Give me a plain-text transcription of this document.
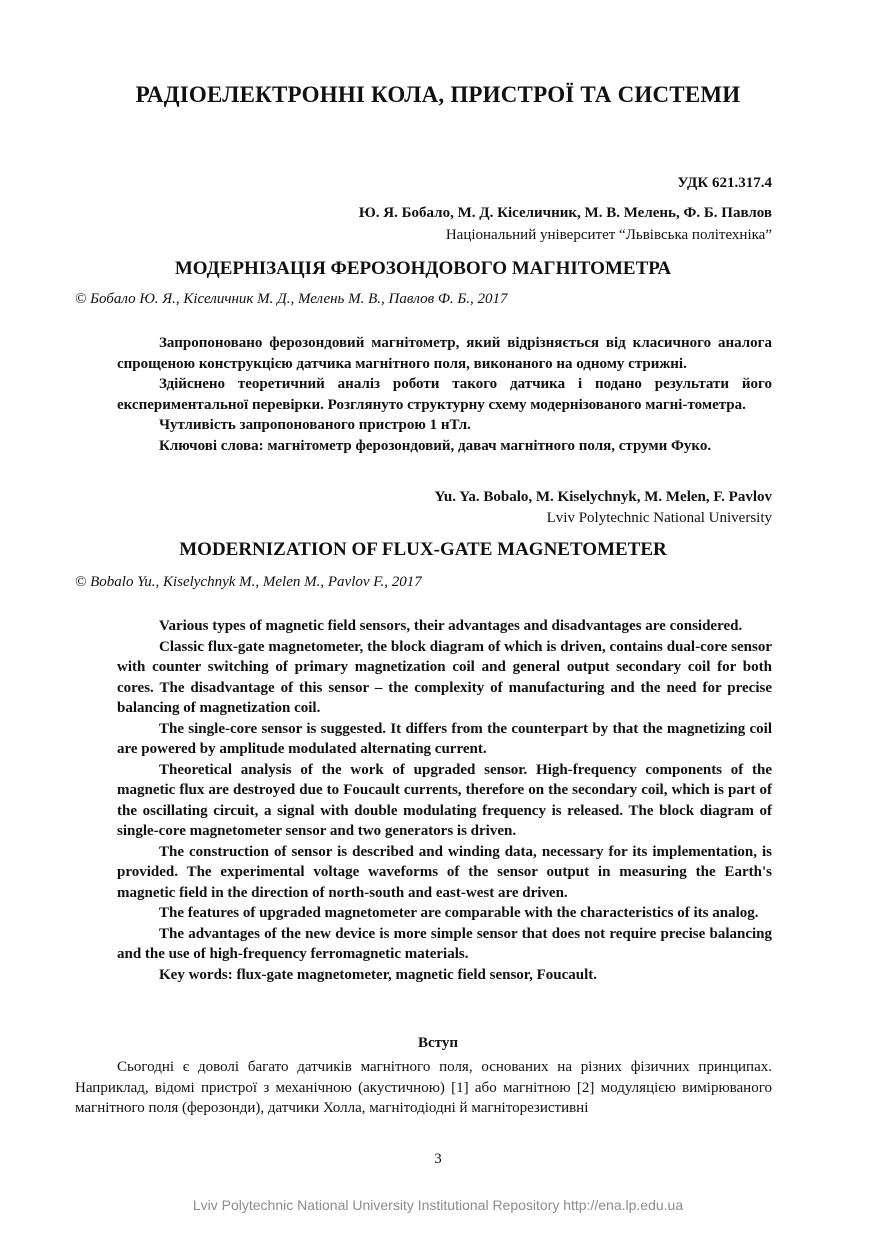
РАДІОЕЛЕКТРОННІ КОЛА, ПРИСТРОЇ ТА СИСТЕМИ
УДК 621.317.4
Ю. Я. Бобало, М. Д. Кіселичник, М. В. Мелень, Ф. Б. Павлов
Національний університет “Львівська політехніка”
МОДЕРНІЗАЦІЯ ФЕРОЗОНДОВОГО МАГНІТОМЕТРА
© Бобало Ю. Я., Кіселичник М. Д., Мелень М. В., Павлов Ф. Б., 2017

Запропоновано ферозондовий магнітометр, який відрізняється від класичного аналога спрощеною конструкцією датчика магнітного поля, виконаного на одному стрижні.

Здійснено теоретичний аналіз роботи такого датчика і подано результати його експериментальної перевірки. Розглянуто структурну схему модернізованого магні-тометра.

Чутливість запропонованого пристрою 1 нТл.

Ключові слова: магнітометр ферозондовий, давач магнітного поля, струми Фуко.

Yu. Ya. Bobalo, M. Kiselychnyk, M. Melen, F. Pavlov
Lviv Polytechnic National University
MODERNIZATION OF FLUX-GATE MAGNETOMETER
© Bobalo Yu., Kiselychnyk M., Melen M., Pavlov F., 2017

Various types of magnetic field sensors, their advantages and disadvantages are considered.

Classic flux-gate magnetometer, the block diagram of which is driven, contains dual-core sensor with counter switching of primary magnetization coil and general output secondary coil for both cores. The disadvantage of this sensor – the complexity of manufacturing and the need for precise balancing of magnetization coil.

The single-core sensor is suggested. It differs from the counterpart by that the magnetizing coil are powered by amplitude modulated alternating current.

Theoretical analysis of the work of upgraded sensor. High-frequency components of the magnetic flux are destroyed due to Foucault currents, therefore on the secondary coil, which is part of the oscillating circuit, a signal with double modulating frequency is released. The block diagram of single-core magnetometer sensor and two generators is driven.

The construction of sensor is described and winding data, necessary for its implementation, is provided. The experimental voltage waveforms of the sensor output in measuring the Earth's magnetic field in the direction of north-south and east-west are driven.

The features of upgraded magnetometer are comparable with the characteristics of its analog.

The advantages of the new device is more simple sensor that does not require precise balancing and the use of high-frequency ferromagnetic materials.

Key words: flux-gate magnetometer, magnetic field sensor, Foucault.

Вступ

Сьогодні є доволі багато датчиків магнітного поля, основаних на різних фізичних принципах. Наприклад, відомі пристрої з механічною (акустичною) [1] або магнітною [2] модуляцією вимірюваного магнітного поля (ферозонди), датчики Холла, магнітодіодні й магніторезистивні

3
Lviv Polytechnic National University Institutional Repository http://ena.lp.edu.ua
